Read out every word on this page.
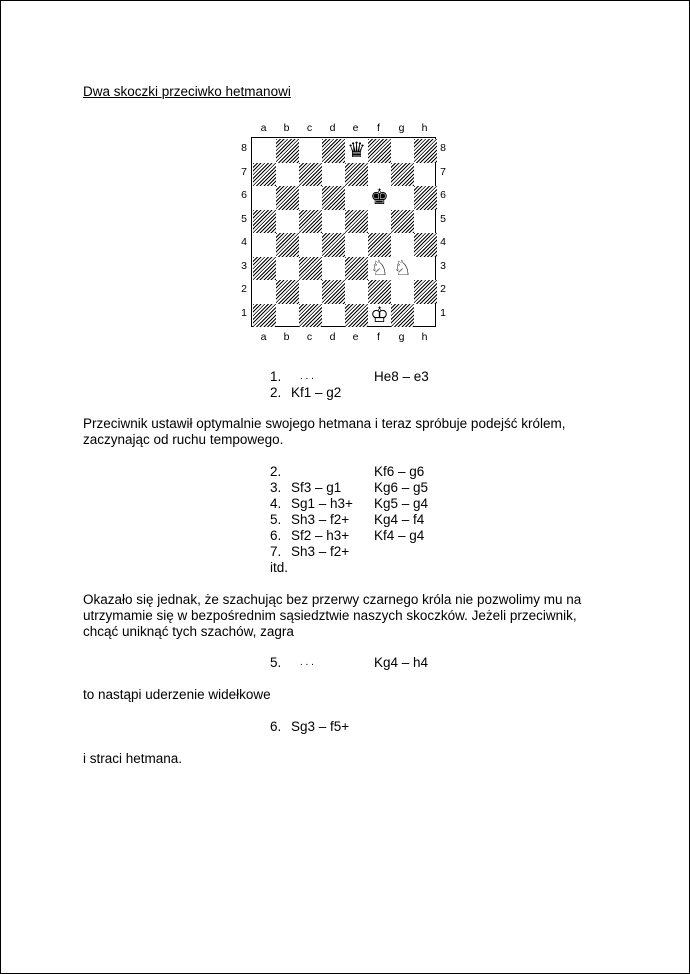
Dwa skoczki przeciwko hetmanowi
a
a
b
b
c
c
d
d
e
e
f
f
g
g
h
h
8	8
7	7
6	6
5	5
4	4
3	3
2	2
1	1
♛
♚
♘ ♘
♔
1. . . .	He8 – e3
2. Kf1 – g2
Przeciwnik ustawił optymalnie swojego hetmana i teraz spróbuje podejść królem, zaczynając od ruchu tempowego.
2.	Kf6 – g6
3. Sf3 – g1 Kg6 – g5
4. Sg1 – h3+ Kg5 – g4
5. Sh3 – f2+ Kg4 – f4
6. Sf2 – h3+ Kf4 – g4
7. Sh3 – f2+
itd.
Okazało się jednak, że szachując bez przerwy czarnego króla nie pozwolimy mu na utrzymamie się w bezpośrednim sąsiedztwie naszych skoczków. Jeżeli przeciwnik, chcąć uniknąć tych szachów, zagra
5. . . .	Kg4 – h4
to nastąpi uderzenie widełkowe
6. Sg3 – f5+
i straci hetmana.
